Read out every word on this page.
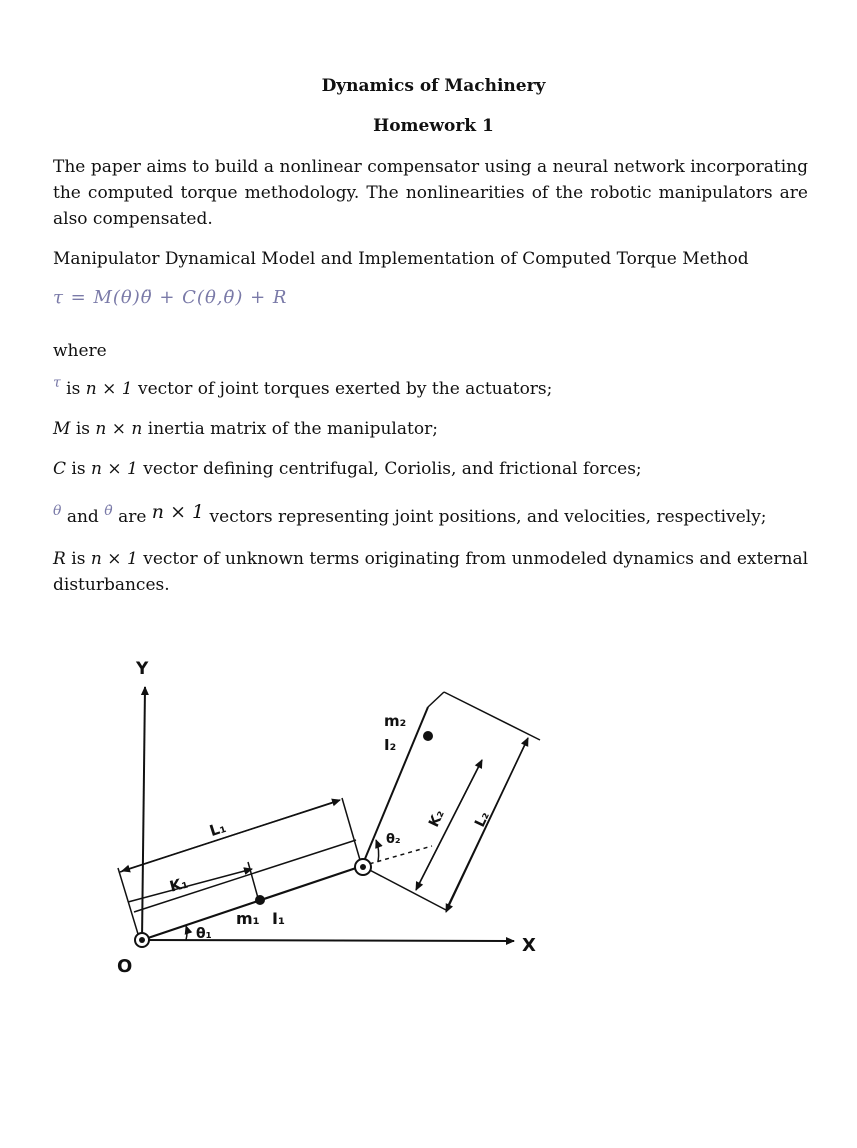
Dynamics of Machinery
Homework 1

The paper aims to build a nonlinear compensator using a neural network incorporating the computed torque methodology. The nonlinearities of the robotic manipulators are also compensated.

Manipulator Dynamical Model and Implementation of Computed Torque Method

τ = M(θ)θ̈ + C(θ,θ̇) + R

where

$^\tau$ is n × 1 vector of joint torques exerted by the actuators;
M is n × n inertia matrix of the manipulator;
C is n × 1 vector defining centrifugal, Coriolis, and frictional forces;
$^\theta$ and $^{\thetȧ}$ are n × 1 vectors representing joint positions, and velocities, respectively;

R is n × 1 vector of unknown terms originating from unmodeled dynamics and external disturbances.

Y
X
O
L₁
K₁
m₁ I₁
θ₁
m₂
I₂
K₂ L₂
θ₂
